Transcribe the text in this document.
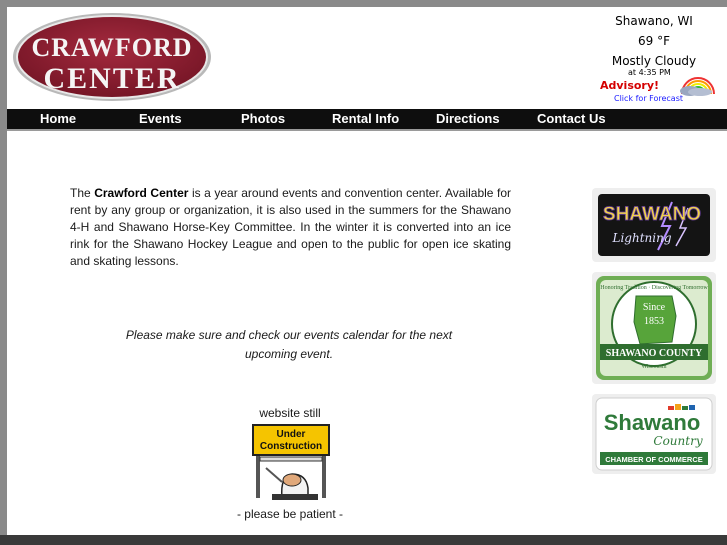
CRAWFORD
CENTER
Shawano, WI
69 °F
Mostly Cloudy
at 4:35 PM
Advisory!
Click for Forecast
Home	Events	Photos	Rental Info	Directions	Contact Us
The Crawford Center is a year around events and convention center. Available for rent by any group or organization, it is also used in the summers for the Shawano 4-H and Shawano Horse-Key Committee. In the winter it is converted into an ice rink for the Shawano Hockey League and open to the public for open ice skating and skating lessons.
Please make sure and check our events calendar for the next upcoming event.
website still
Under
Construction
- please be patient -
SHAWANO
Lightning
Since
1853
SHAWANO COUNTY
Wisconsin
Honoring Tradition · Discovering Tomorrow
Shawano
Country
CHAMBER OF COMMERCE
